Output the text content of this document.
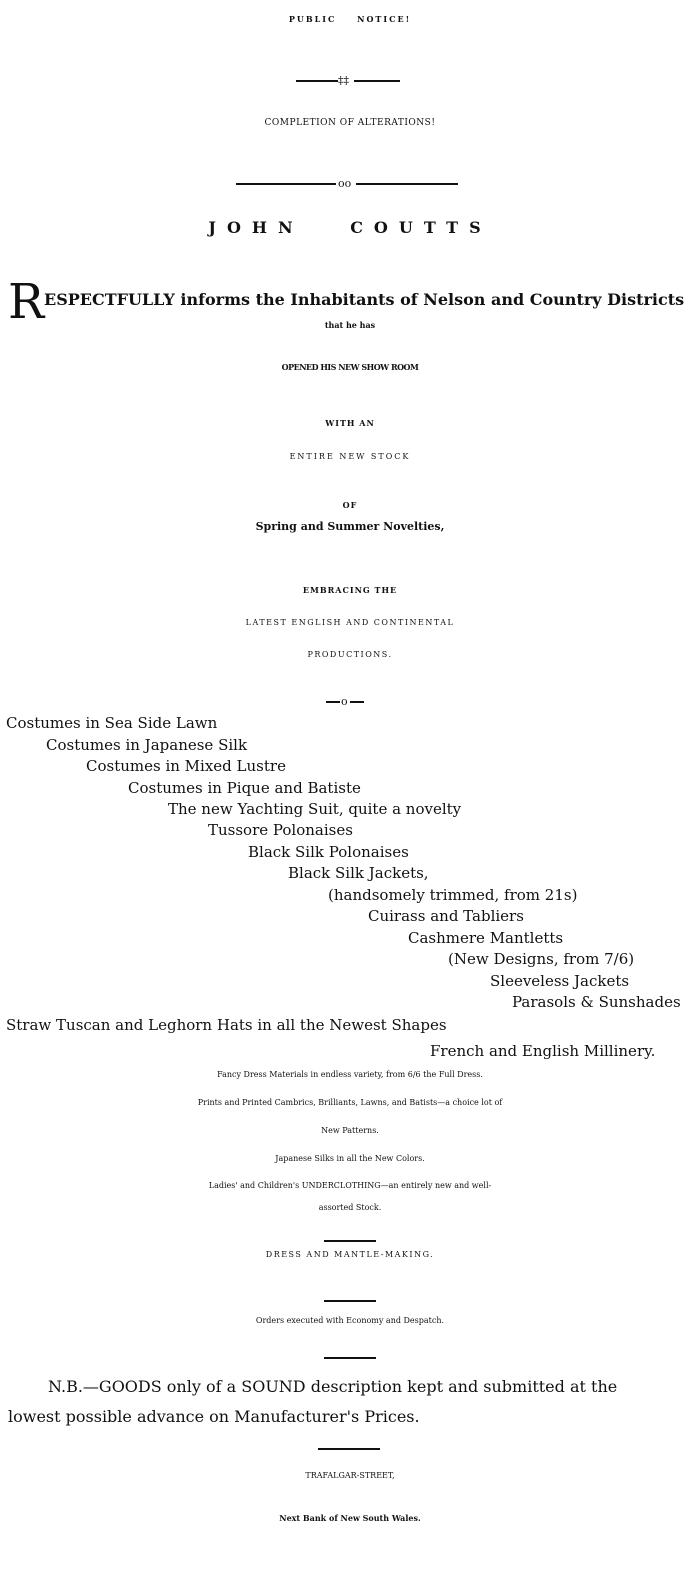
PUBLIC NOTICE!
‡‡
COMPLETION OF ALTERATIONS!
oo
JOHN COUTTS
R ESPECTFULLY informs the Inhabitants of Nelson and Country Districts
that he has
OPENED HIS NEW SHOW ROOM
WITH AN
ENTIRE NEW STOCK
OF
Spring and Summer Novelties,
EMBRACING THE
LATEST ENGLISH AND CONTINENTAL
PRODUCTIONS.
o
Costumes in Sea Side Lawn
Costumes in Japanese Silk
Costumes in Mixed Lustre
Costumes in Pique and Batiste
The new Yachting Suit, quite a novelty
Tussore Polonaises
Black Silk Polonaises
Black Silk Jackets,
(handsomely trimmed, from 21s)
Cuirass and Tabliers
Cashmere Mantletts
(New Designs, from 7/6)
Sleeveless Jackets
Parasols & Sunshades
Straw Tuscan and Leghorn Hats in all the Newest Shapes
French and English Millinery.
Fancy Dress Materials in endless variety, from 6/6 the Full Dress.
Prints and Printed Cambrics, Brilliants, Lawns, and Batists—a choice lot of
New Patterns.
Japanese Silks in all the New Colors.
Ladies' and Children's UNDERCLOTHING—an entirely new and well-
assorted Stock.
DRESS AND MANTLE-MAKING.
Orders executed with Economy and Despatch.
N.B.—GOODS only of a SOUND description kept and submitted at the
lowest possible advance on Manufacturer's Prices.
TRAFALGAR-STREET,
Next Bank of New South Wales.
